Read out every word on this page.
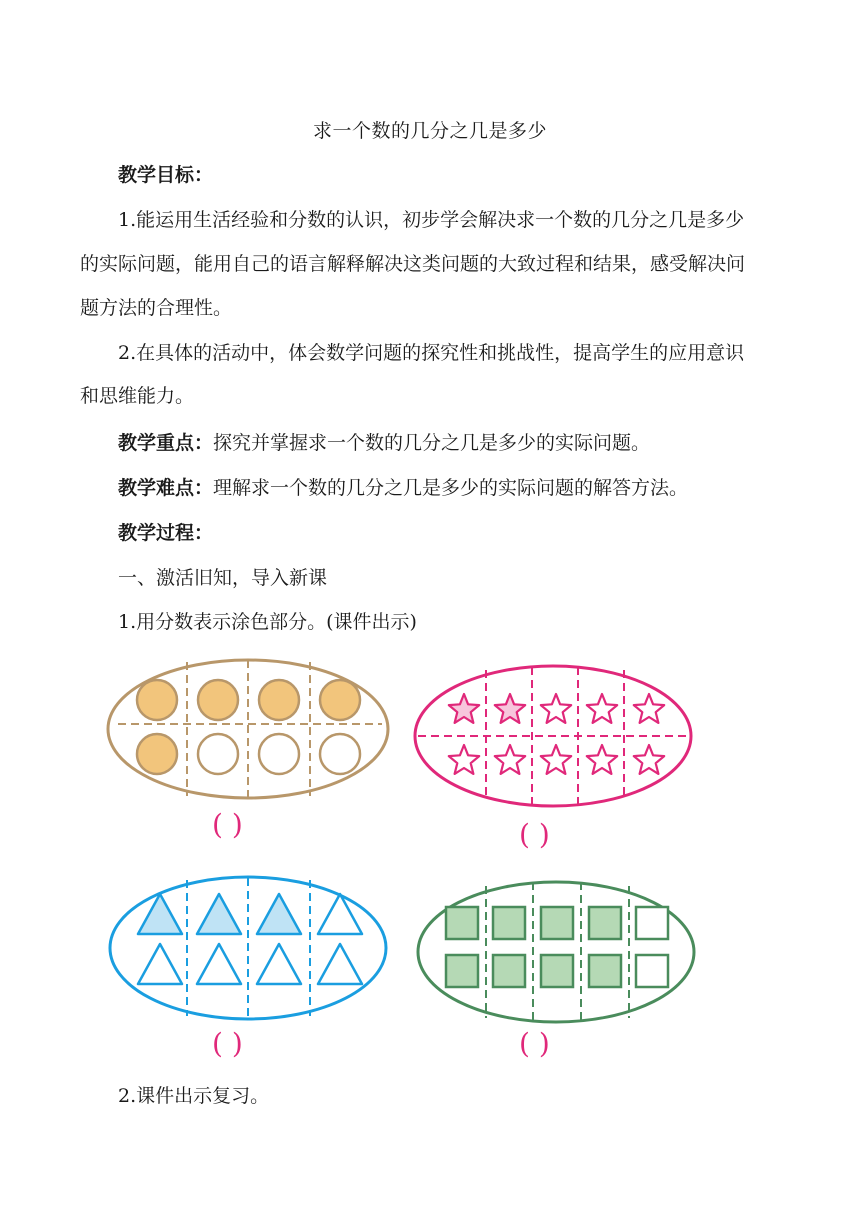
求一个数的几分之几是多少
教学目标：
1.能运用生活经验和分数的认识，初步学会解决求一个数的几分之几是多少
的实际问题，能用自己的语言解释解决这类问题的大致过程和结果，感受解决问
题方法的合理性。
2.在具体的活动中，体会数学问题的探究性和挑战性，提高学生的应用意识
和思维能力。
教学重点：探究并掌握求一个数的几分之几是多少的实际问题。
教学难点：理解求一个数的几分之几是多少的实际问题的解答方法。
教学过程：
一、激活旧知，导入新课
1.用分数表示涂色部分。(课件出示)
( )	( )
( )	( )
2.课件出示复习。
